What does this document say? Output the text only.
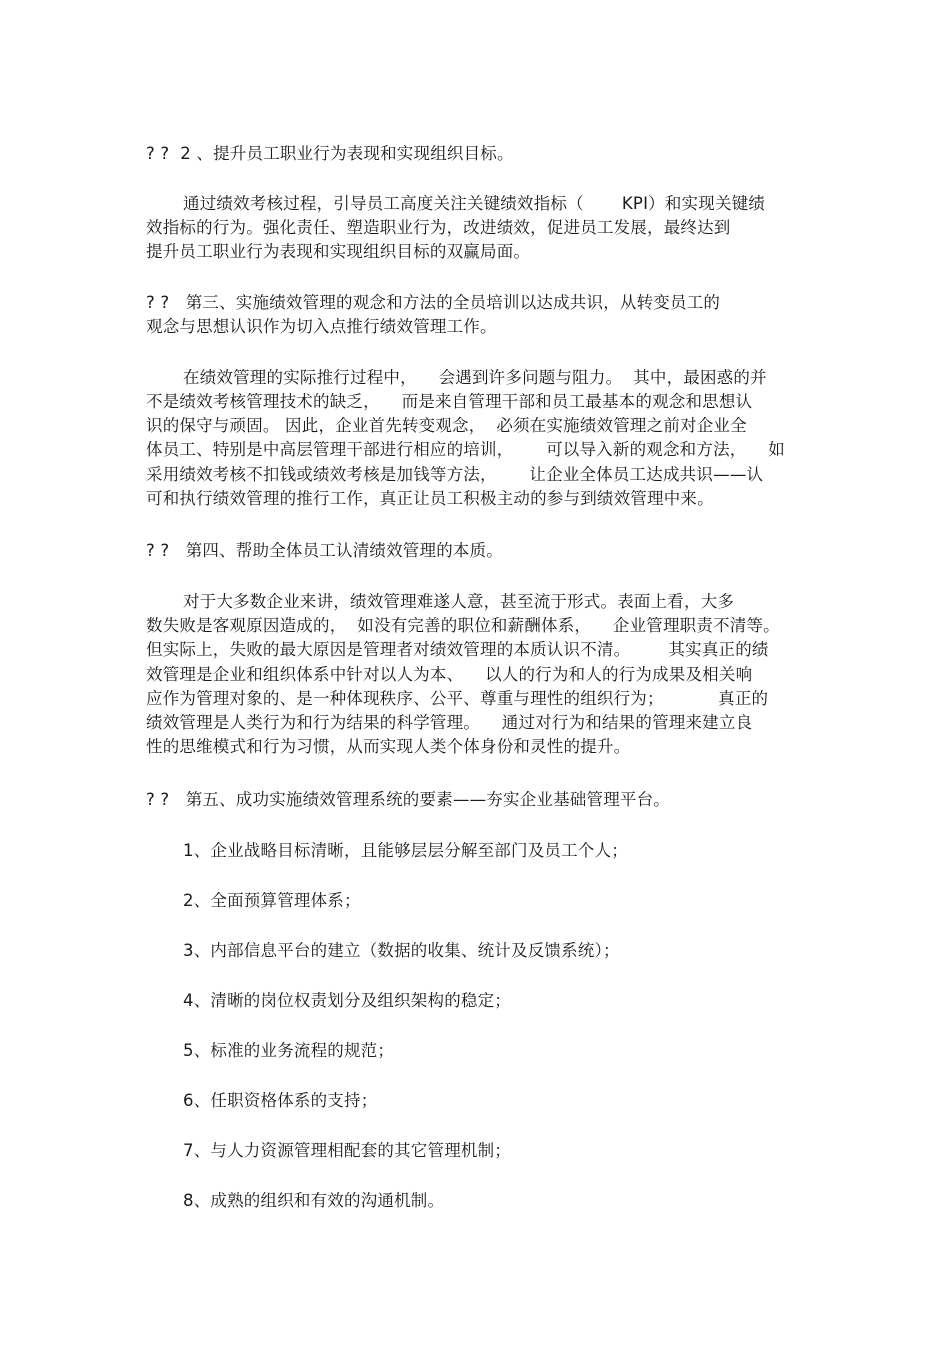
? ?  2 、提升员工职业行为表现和实现组织目标。
通过绩效考核过程，引导员工高度关注关键绩效指标（       KPI）和实现关键绩
效指标的行为。强化责任、塑造职业行为，改进绩效，促进员工发展，最终达到
提升员工职业行为表现和实现组织目标的双赢局面。
? ?   第三、实施绩效管理的观念和方法的全员培训以达成共识，从转变员工的
观念与思想认识作为切入点推行绩效管理工作。
在绩效管理的实际推行过程中，    会遇到许多问题与阻力。  其中，最困惑的并
不是绩效考核管理技术的缺乏，    而是来自管理干部和员工最基本的观念和思想认
识的保守与顽固。 因此，企业首先转变观念，  必须在实施绩效管理之前对企业全
体员工、特别是中高层管理干部进行相应的培训，      可以导入新的观念和方法，    如
采用绩效考核不扣钱或绩效考核是加钱等方法，      让企业全体员工达成共识——认
可和执行绩效管理的推行工作，真正让员工积极主动的参与到绩效管理中来。
? ?   第四、帮助全体员工认清绩效管理的本质。
对于大多数企业来讲，绩效管理难遂人意，甚至流于形式。表面上看，大多
数失败是客观原因造成的，  如没有完善的职位和薪酬体系，    企业管理职责不清等。
但实际上，失败的最大原因是管理者对绩效管理的本质认识不清。       其实真正的绩
效管理是企业和组织体系中针对以人为本、    以人的行为和人的行为成果及相关响
应作为管理对象的、是一种体现秩序、公平、尊重与理性的组织行为；          真正的
绩效管理是人类行为和行为结果的科学管理。    通过对行为和结果的管理来建立良
性的思维模式和行为习惯，从而实现人类个体身份和灵性的提升。
? ?   第五、成功实施绩效管理系统的要素——夯实企业基础管理平台。
1、企业战略目标清晰，且能够层层分解至部门及员工个人；
2、全面预算管理体系；
3、内部信息平台的建立（数据的收集、统计及反馈系统）；
4、清晰的岗位权责划分及组织架构的稳定；
5、标准的业务流程的规范；
6、任职资格体系的支持；
7、与人力资源管理相配套的其它管理机制；
8、成熟的组织和有效的沟通机制。
